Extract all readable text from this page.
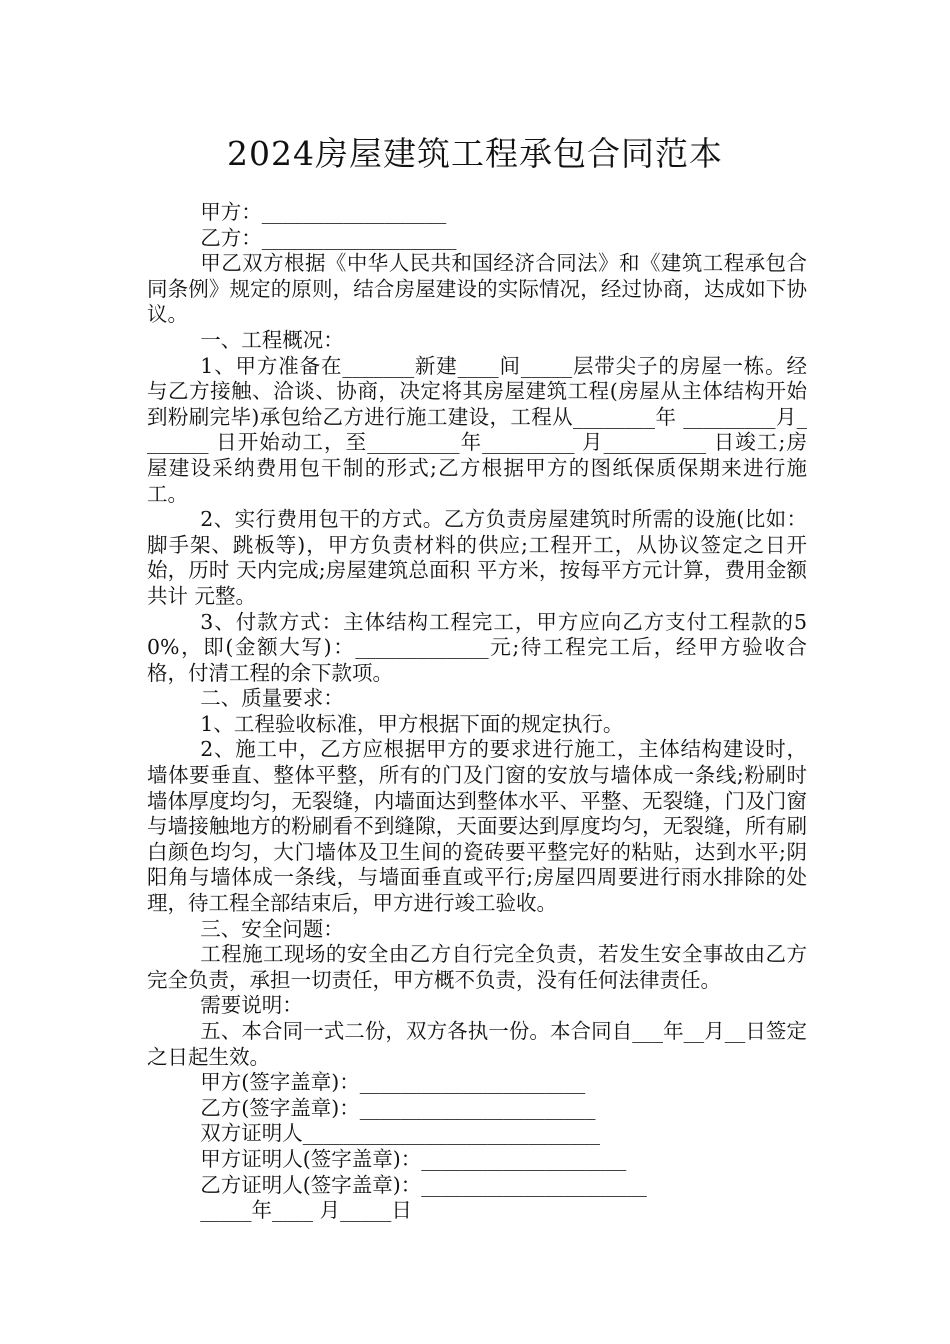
2024房屋建筑工程承包合同范本

甲方：__________________

乙方：___________________

甲乙双方根据《中华人民共和国经济合同法》和《建筑工程承包合同条例》规定的原则，结合房屋建设的实际情况，经过协商，达成如下协议。

一、工程概况：

1、甲方准备在_______新建____间_____层带尖子的房屋一栋。经与乙方接触、洽谈、协商，决定将其房屋建筑工程(房屋从主体结构开始到粉刷完毕)承包给乙方进行施工建设，工程从________年 _________月_______ 日开始动工，至_________年_________ 月__________ 日竣工;房屋建设采纳费用包干制的形式;乙方根据甲方的图纸保质保期来进行施工。

2、实行费用包干的方式。乙方负责房屋建筑时所需的设施(比如：脚手架、跳板等)，甲方负责材料的供应;工程开工，从协议签定之日开始，历时 天内完成;房屋建筑总面积 平方米，按每平方元计算，费用金额共计 元整。

3、付款方式：主体结构工程完工，甲方应向乙方支付工程款的50%，即(金额大写)：_____________元;待工程完工后，经甲方验收合格，付清工程的余下款项。

二、质量要求：

1、工程验收标准，甲方根据下面的规定执行。

2、施工中，乙方应根据甲方的要求进行施工，主体结构建设时，墙体要垂直、整体平整，所有的门及门窗的安放与墙体成一条线;粉刷时墙体厚度均匀，无裂缝，内墙面达到整体水平、平整、无裂缝，门及门窗与墙接触地方的粉刷看不到缝隙，天面要达到厚度均匀，无裂缝，所有刷白颜色均匀，大门墙体及卫生间的瓷砖要平整完好的粘贴，达到水平;阴阳角与墙体成一条线，与墙面垂直或平行;房屋四周要进行雨水排除的处理，待工程全部结束后，甲方进行竣工验收。

三、安全问题：

工程施工现场的安全由乙方自行完全负责，若发生安全事故由乙方完全负责，承担一切责任，甲方概不负责，没有任何法律责任。

需要说明：

五、本合同一式二份，双方各执一份。本合同自___年__月__日签定之日起生效。

甲方(签字盖章)：______________________

乙方(签字盖章)：_______________________

双方证明人_____________________________

甲方证明人(签字盖章)：____________________

乙方证明人(签字盖章)：______________________

_____年____ 月_____日
